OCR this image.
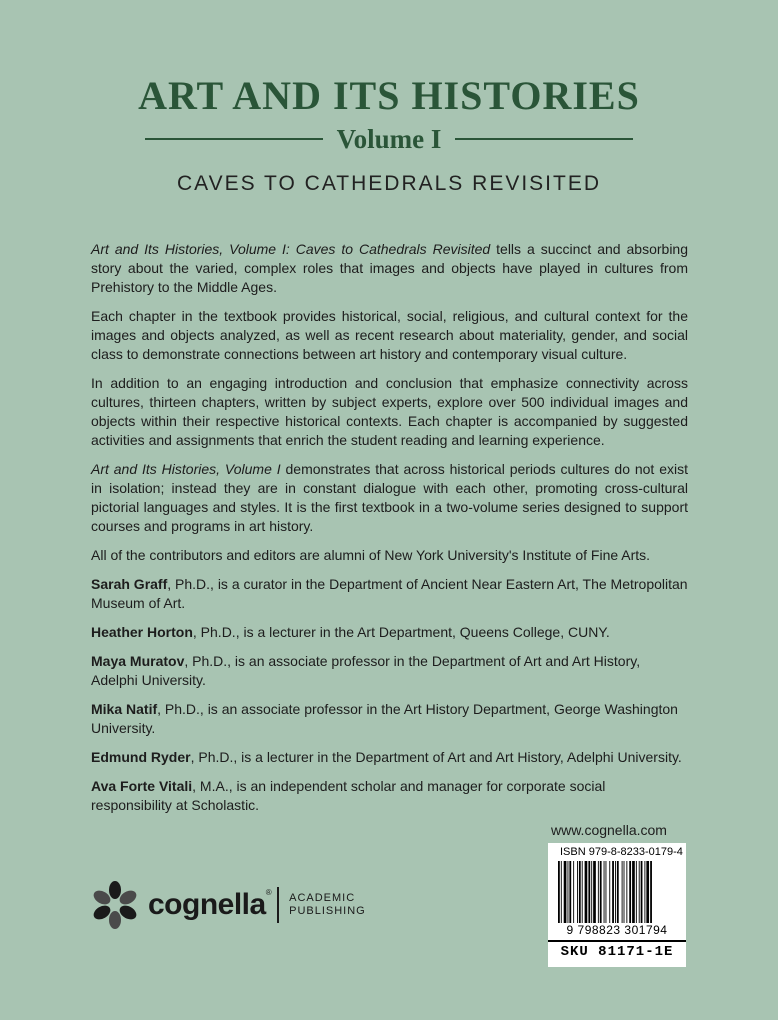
ART AND ITS HISTORIES
Volume I
CAVES TO CATHEDRALS REVISITED

Art and Its Histories, Volume I: Caves to Cathedrals Revisited tells a succinct and absorbing story about the varied, complex roles that images and objects have played in cultures from Prehistory to the Middle Ages.

Each chapter in the textbook provides historical, social, religious, and cultural context for the images and objects analyzed, as well as recent research about materiality, gender, and social class to demonstrate connections between art history and contemporary visual culture.

In addition to an engaging introduction and conclusion that emphasize connectivity across cultures, thirteen chapters, written by subject experts, explore over 500 individual images and objects within their respective historical contexts. Each chapter is accompanied by suggested activities and assignments that enrich the student reading and learning experience.

Art and Its Histories, Volume I demonstrates that across historical periods cultures do not exist in isolation; instead they are in constant dialogue with each other, promoting cross-cultural pictorial languages and styles. It is the first textbook in a two-volume series designed to support courses and programs in art history.

All of the contributors and editors are alumni of New York University's Institute of Fine Arts.

Sarah Graff, Ph.D., is a curator in the Department of Ancient Near Eastern Art, The Metropolitan Museum of Art.

Heather Horton, Ph.D., is a lecturer in the Art Department, Queens College, CUNY.

Maya Muratov, Ph.D., is an associate professor in the Department of Art and Art History, Adelphi University.

Mika Natif, Ph.D., is an associate professor in the Art History Department, George Washington University.

Edmund Ryder, Ph.D., is a lecturer in the Department of Art and Art History, Adelphi University.

Ava Forte Vitali, M.A., is an independent scholar and manager for corporate social responsibility at Scholastic.

www.cognella.com
ISBN 979-8-8233-0179-4
9 798823 301794
SKU 81171-1E
cognella® ACADEMIC
PUBLISHING
